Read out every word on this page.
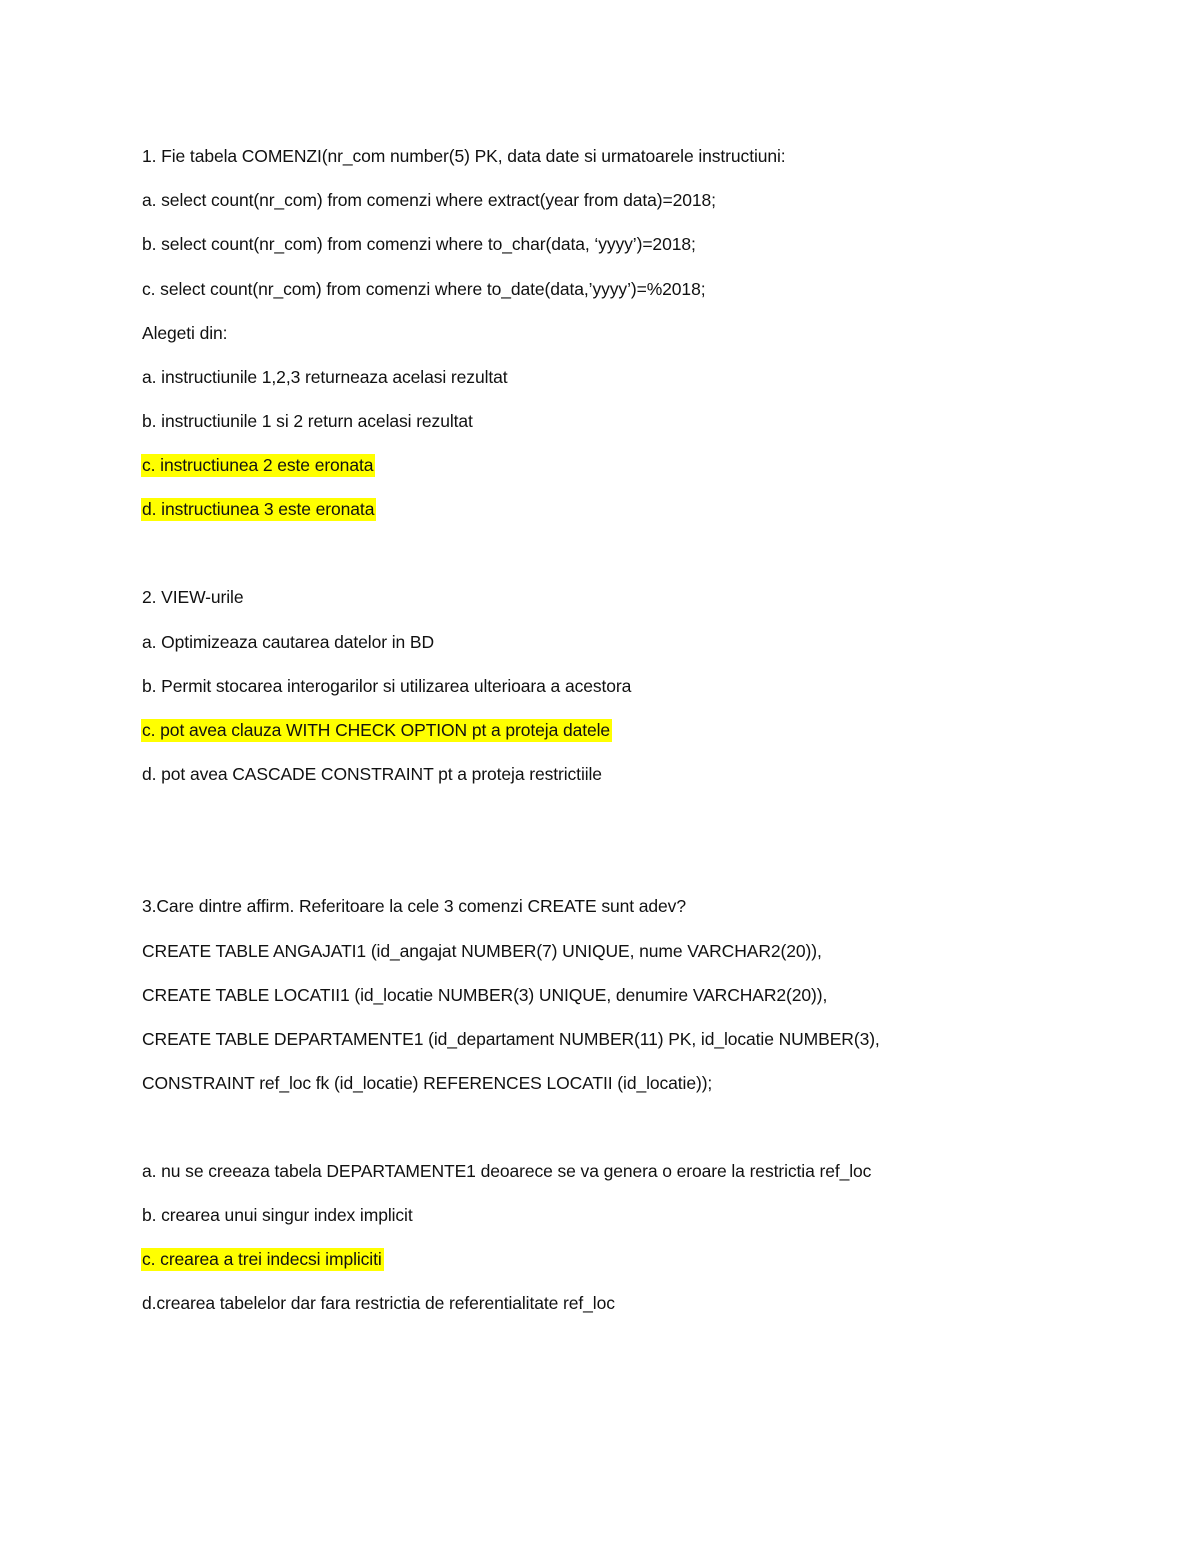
1. Fie tabela COMENZI(nr_com number(5) PK, data date si urmatoarele instructiuni:
a. select count(nr_com) from comenzi where extract(year from data)=2018;
b. select count(nr_com) from comenzi where to_char(data, ‘yyyy’)=2018;
c. select count(nr_com) from comenzi where to_date(data,’yyyy’)=%2018;
Alegeti din:
a. instructiunile 1,2,3 returneaza acelasi rezultat
b. instructiunile 1 si 2 return acelasi rezultat
c. instructiunea 2 este eronata
d. instructiunea 3 este eronata
2. VIEW-urile
a. Optimizeaza cautarea datelor in BD
b. Permit stocarea interogarilor si utilizarea ulterioara a acestora
c. pot avea clauza WITH CHECK OPTION pt a proteja datele
d. pot avea CASCADE CONSTRAINT pt a proteja restrictiile
3.Care dintre affirm. Referitoare la cele 3 comenzi CREATE sunt adev?
CREATE TABLE ANGAJATI1 (id_angajat NUMBER(7) UNIQUE, nume VARCHAR2(20)),
CREATE TABLE LOCATII1 (id_locatie NUMBER(3) UNIQUE, denumire VARCHAR2(20)),
CREATE TABLE DEPARTAMENTE1 (id_departament NUMBER(11) PK, id_locatie NUMBER(3),
CONSTRAINT ref_loc fk (id_locatie) REFERENCES LOCATII (id_locatie));
a. nu se creeaza tabela DEPARTAMENTE1 deoarece se va genera o eroare la restrictia ref_loc
b. crearea unui singur index implicit
c. crearea a trei indecsi impliciti
d.crearea tabelelor dar fara restrictia de referentialitate ref_loc
